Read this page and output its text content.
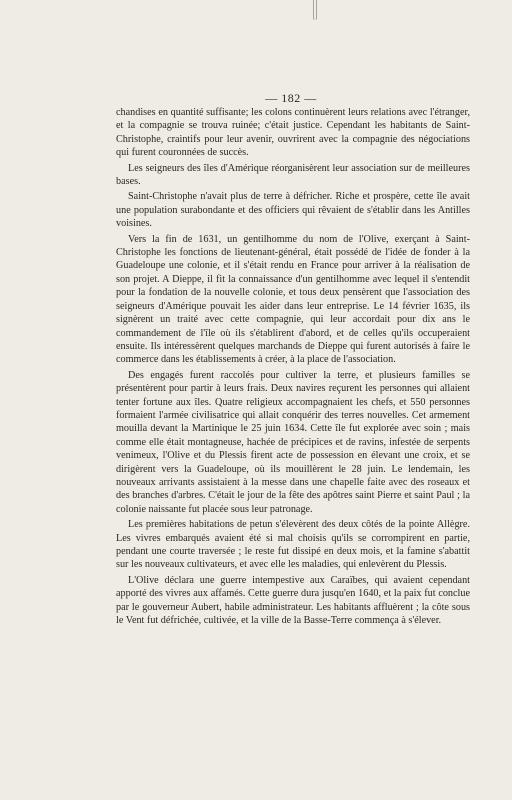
— 182 —

chandises en quantité suffisante; les colons continuèrent leurs relations avec l'étranger, et la compagnie se trouva ruinée; c'était justice. Cependant les habitants de Saint-Christophe, craintifs pour leur avenir, ouvrirent avec la compagnie des négociations qui furent couronnées de succès.

Les seigneurs des îles d'Amérique réorganisèrent leur association sur de meilleures bases.

Saint-Christophe n'avait plus de terre à défricher. Riche et prospère, cette île avait une population surabondante et des officiers qui rêvaient de s'établir dans les Antilles voisines.

Vers la fin de 1631, un gentilhomme du nom de l'Olive, exerçant à Saint-Christophe les fonctions de lieutenant-général, était possédé de l'idée de fonder à la Guadeloupe une colonie, et il s'était rendu en France pour arriver à la réalisation de son projet. A Dieppe, il fit la connaissance d'un gentilhomme avec lequel il s'entendit pour la fondation de la nouvelle colonie, et tous deux pensèrent que l'association des seigneurs d'Amérique pouvait les aider dans leur entreprise. Le 14 février 1635, ils signèrent un traité avec cette compagnie, qui leur accordait pour dix ans le commandement de l'île où ils s'établirent d'abord, et de celles qu'ils occuperaient ensuite. Ils intéressèrent quelques marchands de Dieppe qui furent autorisés à faire le commerce dans les établissements à créer, à la place de l'association.

Des engagés furent raccolés pour cultiver la terre, et plusieurs familles se présentèrent pour partir à leurs frais. Deux navires reçurent les personnes qui allaient tenter fortune aux îles. Quatre religieux accompagnaient les chefs, et 550 personnes formaient l'armée civilisatrice qui allait conquérir des terres nouvelles. Cet armement mouilla devant la Martinique le 25 juin 1634. Cette île fut explorée avec soin ; mais comme elle était montagneuse, hachée de précipices et de ravins, infestée de serpents venimeux, l'Olive et du Plessis firent acte de possession en élevant une croix, et se dirigèrent vers la Guadeloupe, où ils mouillèrent le 28 juin. Le lendemain, les nouveaux arrivants assistaient à la messe dans une chapelle faite avec des roseaux et des branches d'arbres. C'était le jour de la fête des apôtres saint Pierre et saint Paul ; la colonie naissante fut placée sous leur patronage.

Les premières habitations de petun s'élevèrent des deux côtés de la pointe Allègre. Les vivres embarqués avaient été si mal choisis qu'ils se corrompirent en partie, pendant une courte traversée ; le reste fut dissipé en deux mois, et la famine s'abattit sur les nouveaux cultivateurs, et avec elle les maladies, qui enlevèrent du Plessis.

L'Olive déclara une guerre intempestive aux Caraïbes, qui avaient cependant apporté des vivres aux affamés. Cette guerre dura jusqu'en 1640, et la paix fut conclue par le gouverneur Aubert, habile administrateur. Les habitants affluèrent ; la côte sous le Vent fut défrichée, cultivée, et la ville de la Basse-Terre commença à s'élever.
